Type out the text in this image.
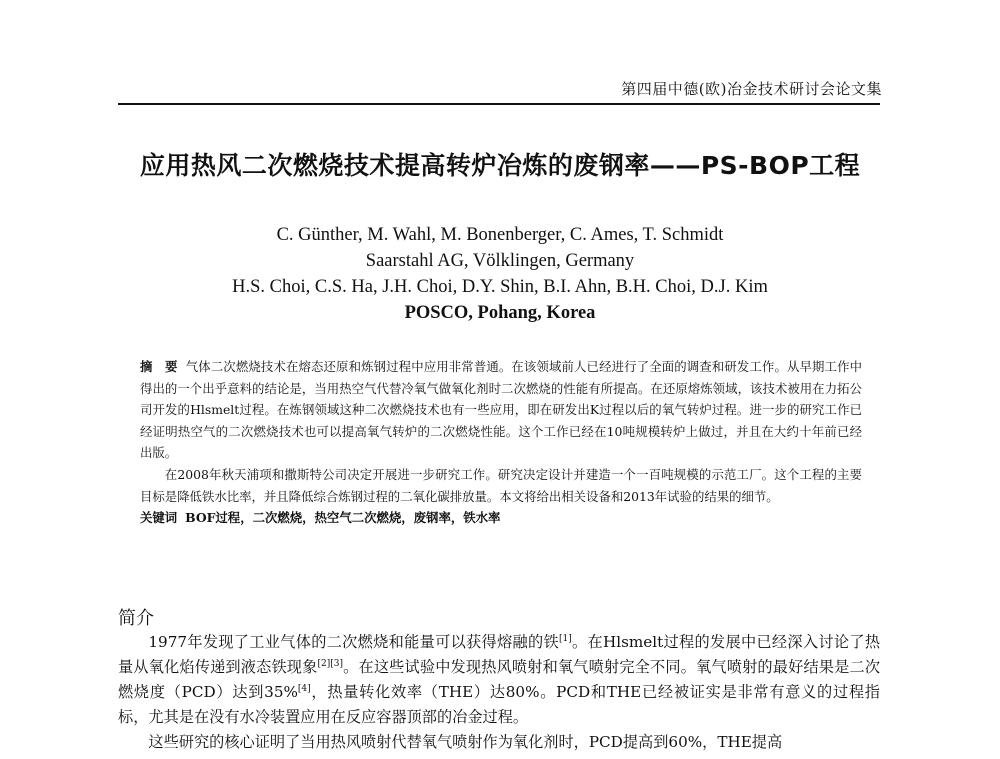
第四届中德(欧)冶金技术研讨会论文集
应用热风二次燃烧技术提高转炉冶炼的废钢率——PS-BOP工程
C. Günther, M. Wahl, M. Bonenberger, C. Ames, T. Schmidt
Saarstahl AG, Völklingen, Germany
H.S. Choi, C.S. Ha, J.H. Choi, D.Y. Shin, B.I. Ahn, B.H. Choi, D.J. Kim
POSCO, Pohang, Korea

摘　要 气体二次燃烧技术在熔态还原和炼钢过程中应用非常普通。在该领域前人已经进行了全面的调查和研发工作。从早期工作中得出的一个出乎意料的结论是，当用热空气代替冷氧气做氧化剂时二次燃烧的性能有所提高。在还原熔炼领域，该技术被用在力拓公司开发的Hlsmelt过程。在炼钢领域这种二次燃烧技术也有一些应用，即在研发出K过程以后的氧气转炉过程。进一步的研究工作已经证明热空气的二次燃烧技术也可以提高氧气转炉的二次燃烧性能。这个工作已经在10吨规模转炉上做过，并且在大约十年前已经出版。

在2008年秋天浦项和撒斯特公司决定开展进一步研究工作。研究决定设计并建造一个一百吨规模的示范工厂。这个工程的主要目标是降低铁水比率，并且降低综合炼钢过程的二氧化碳排放量。本文将给出相关设备和2013年试验的结果的细节。

关键词 BOF过程，二次燃烧，热空气二次燃烧，废钢率，铁水率

简介

1977年发现了工业气体的二次燃烧和能量可以获得熔融的铁[1]。在Hlsmelt过程的发展中已经深入讨论了热量从氧化焰传递到液态铁现象[2][3]。在这些试验中发现热风喷射和氧气喷射完全不同。氧气喷射的最好结果是二次燃烧度（PCD）达到35%[4]，热量转化效率（THE）达80%。PCD和THE已经被证实是非常有意义的过程指标，尤其是在没有水冷装置应用在反应容器顶部的冶金过程。

这些研究的核心证明了当用热风喷射代替氧气喷射作为氧化剂时，PCD提高到60%，THE提高
